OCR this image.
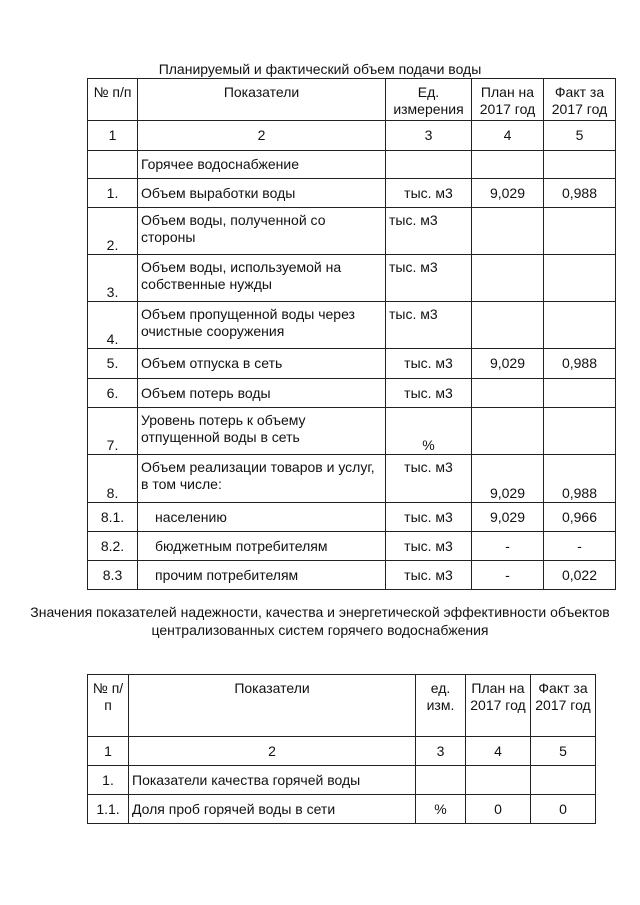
Планируемый и фактический объем подачи воды
№ п/п	Показатели	Ед. измерения	План на 2017 год	Факт за 2017 год
1	2	3	4	5
	Горячее водоснабжение			
1.	Объем выработки воды	тыс. м3	9,029	0,988
2.	Объем воды, полученной со стороны	тыс. м3		
3.	Объем воды, используемой на собственные нужды	тыс. м3		
4.	Объем пропущенной воды через очистные сооружения	тыс. м3		
5.	Объем отпуска в сеть	тыс. м3	9,029	0,988
6.	Объем потерь воды	тыс. м3		
7.	Уровень потерь к объему отпущенной воды в сеть	%		
8.	Объем реализации товаров и услуг, в том числе:	тыс. м3	9,029	0,988
8.1.	населению	тыс. м3	9,029	0,966
8.2.	бюджетным потребителям	тыс. м3	-	-
8.3	прочим потребителям	тыс. м3	-	0,022
Значения показателей надежности, качества и энергетической эффективности объектов централизованных систем горячего водоснабжения
№ п/п	Показатели	ед. изм.	План на 2017 год	Факт за 2017 год
1	2	3	4	5
1.	Показатели качества горячей воды			
1.1.	Доля проб горячей воды в сети	%	0	0
